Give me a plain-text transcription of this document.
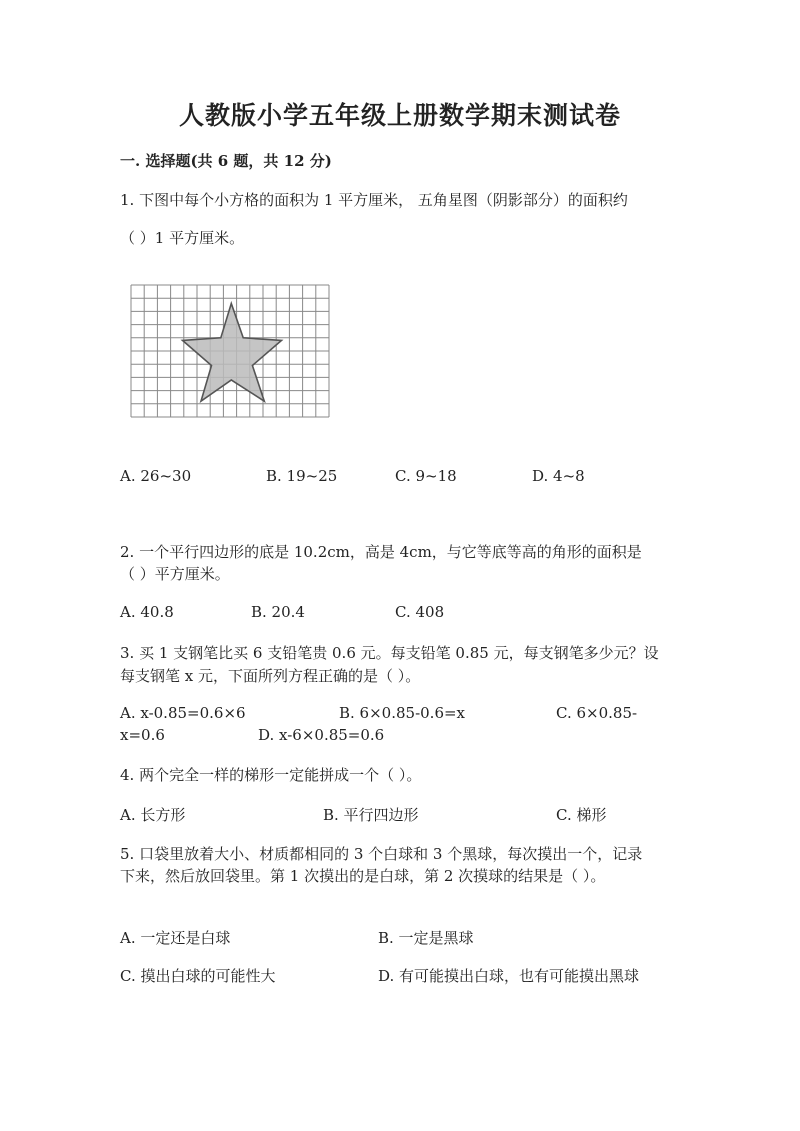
人教版小学五年级上册数学期末测试卷
一. 选择题(共 6 题，共 12 分)
1. 下图中每个小方格的面积为 1 平方厘米， 五角星图（阴影部分）的面积约
（ ）1 平方厘米。
A. 26~30	B. 19~25	C. 9~18	D. 4~8
2. 一个平行四边形的底是 10.2cm，高是 4cm，与它等底等高的角形的面积是
（ ）平方厘米。
A. 40.8	B. 20.4	C. 408
3. 买 1 支钢笔比买 6 支铅笔贵 0.6 元。每支铅笔 0.85 元，每支钢笔多少元？设
每支钢笔 x 元，下面所列方程正确的是（ ）。
A. x-0.85=0.6×6	B. 6×0.85-0.6=x	C. 6×0.85-
x=0.6	D. x-6×0.85=0.6
4. 两个完全一样的梯形一定能拼成一个（ ）。
A. 长方形	B. 平行四边形	C. 梯形
5. 口袋里放着大小、材质都相同的 3 个白球和 3 个黑球，每次摸出一个，记录
下来，然后放回袋里。第 1 次摸出的是白球，第 2 次摸球的结果是（ ）。
A. 一定还是白球	B. 一定是黑球
C. 摸出白球的可能性大	D. 有可能摸出白球，也有可能摸出黑球
